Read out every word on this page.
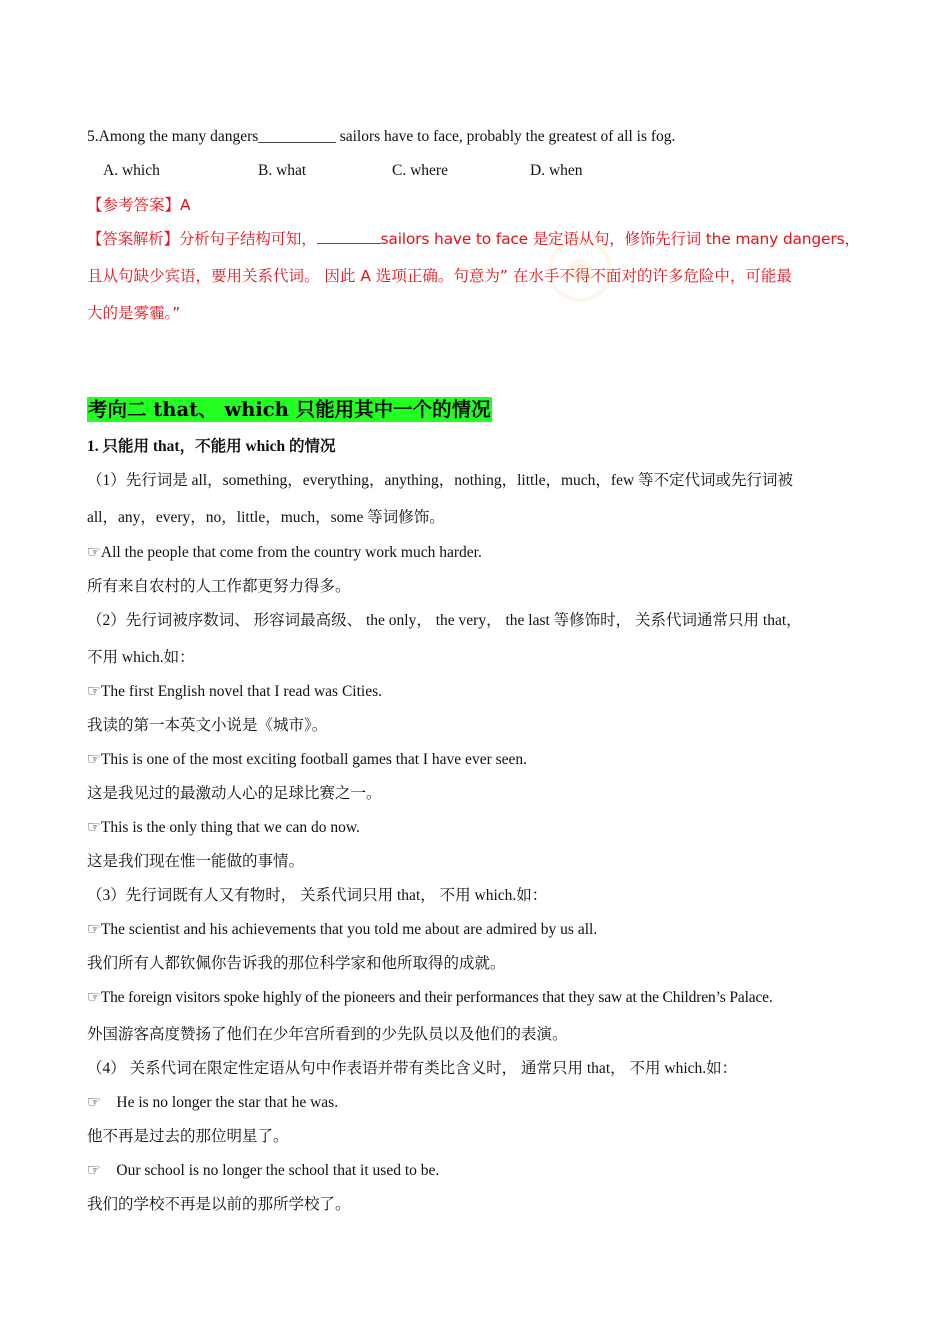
5.Among the many dangers__________ sailors have to face, probably the greatest of all is fog.
A. which	B. what	C. where	D. when
【参考答案】A
【答案解析】分析句子结构可知，	sailors have to face 是定语从句，修饰先行词 the many dangers，
且从句缺少宾语，要用关系代词。 因此 A 选项正确。句意为” 在水手不得不面对的许多危险中，可能最
大的是雾霾。”
考向二 that、 which 只能用其中一个的情况
1. 只能用 that，不能用 which 的情况
（1）先行词是 all，something，everything，anything，nothing，little，much，few 等不定代词或先行词被
all，any，every，no，little，much，some 等词修饰。
☞All the people that come from the country work much harder.
所有来自农村的人工作都更努力得多。
（2）先行词被序数词、 形容词最高级、 the only， the very， the last 等修饰时， 关系代词通常只用 that，
不用 which.如：
☞The first English novel that I read was Cities.
我读的第一本英文小说是《城市》。
☞This is one of the most exciting football games that I have ever seen.
这是我见过的最激动人心的足球比赛之一。
☞This is the only thing that we can do now.
这是我们现在惟一能做的事情。
（3）先行词既有人又有物时， 关系代词只用 that， 不用 which.如：
☞The scientist and his achievements that you told me about are admired by us all.
我们所有人都钦佩你告诉我的那位科学家和他所取得的成就。
☞The foreign visitors spoke highly of the pioneers and their performances that they saw at the Children’s Palace.
外国游客高度赞扬了他们在少年宫所看到的少先队员以及他们的表演。
（4） 关系代词在限定性定语从句中作表语并带有类比含义时， 通常只用 that， 不用 which.如：
☞    He is no longer the star that he was.
他不再是过去的那位明星了。
☞    Our school is no longer the school that it used to be.
我们的学校不再是以前的那所学校了。
